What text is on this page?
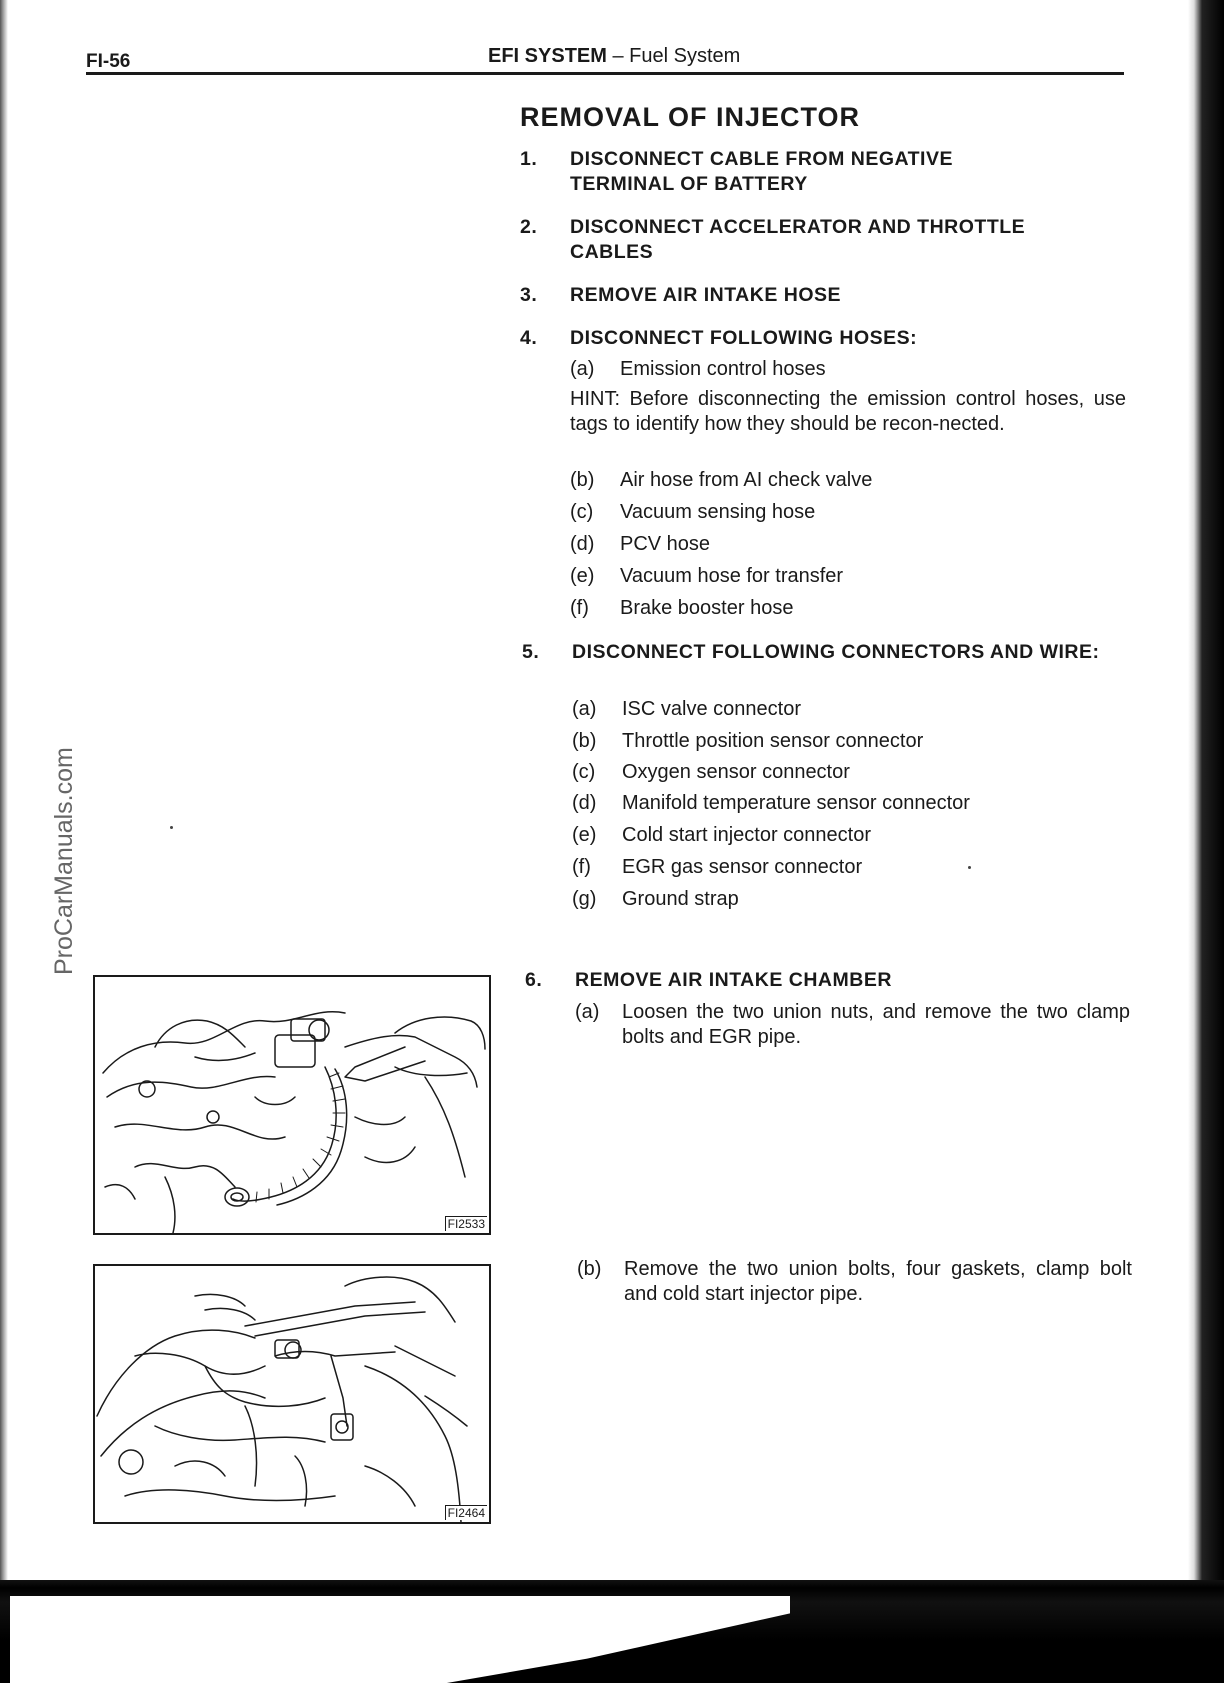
FI-56	EFI SYSTEM – Fuel System
ProCarManuals.com
REMOVAL OF INJECTOR
1. DISCONNECT CABLE FROM NEGATIVE TERMINAL OF BATTERY
2. DISCONNECT ACCELERATOR AND THROTTLE CABLES
3. REMOVE AIR INTAKE HOSE
4. DISCONNECT FOLLOWING HOSES:
(a) Emission control hoses
HINT: Before disconnecting the emission control hoses, use tags to identify how they should be recon-nected.
(b) Air hose from AI check valve
(c) Vacuum sensing hose
(d) PCV hose
(e) Vacuum hose for transfer
(f) Brake booster hose
5. DISCONNECT FOLLOWING CONNECTORS AND WIRE:
(a) ISC valve connector
(b) Throttle position sensor connector
(c) Oxygen sensor connector
(d) Manifold temperature sensor connector
(e) Cold start injector connector
(f) EGR gas sensor connector
(g) Ground strap
6. REMOVE AIR INTAKE CHAMBER
(a) Loosen the two union nuts, and remove the two clamp bolts and EGR pipe.
(b) Remove the two union bolts, four gaskets, clamp bolt and cold start injector pipe.
FI2533
FI2464
